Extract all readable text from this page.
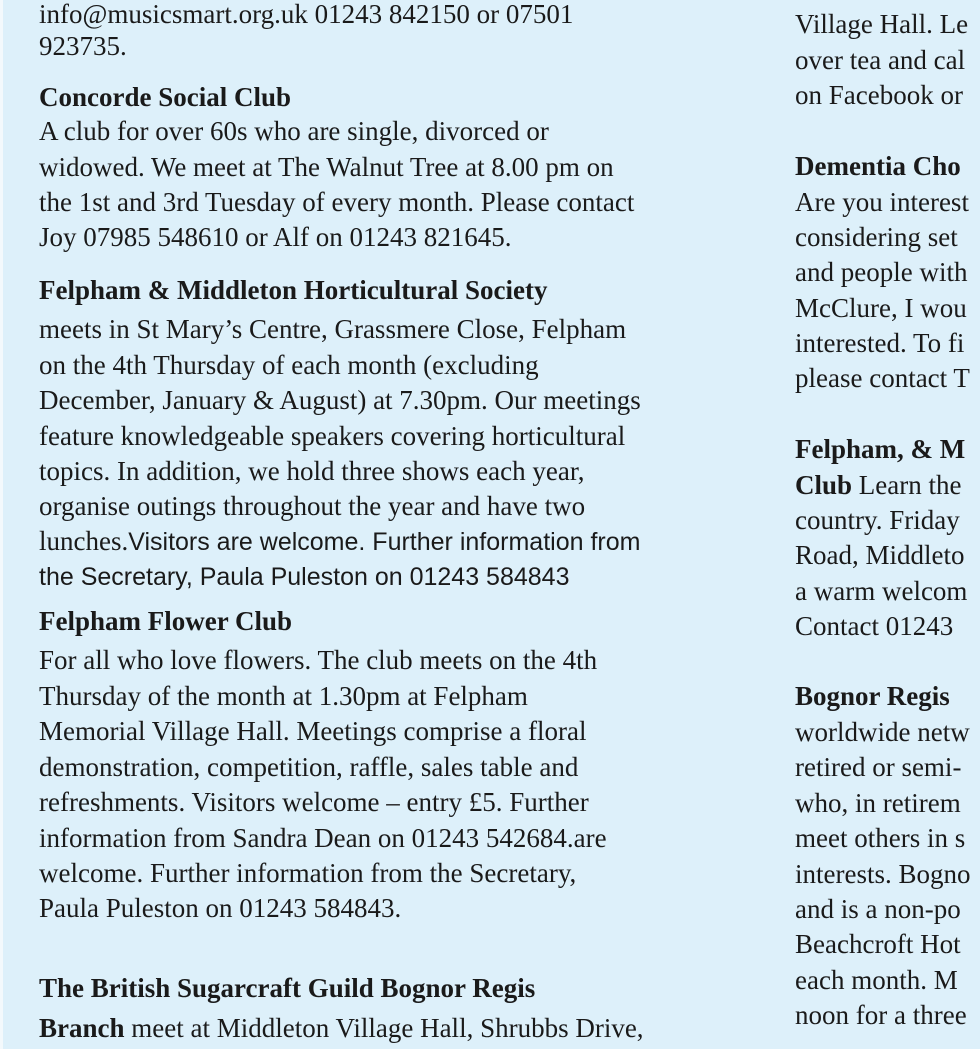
info@musicsmart.org.uk 01243 842150 or 07501
923735.
Concorde Social Club
A club for over 60s who are single, divorced or
widowed. We meet at The Walnut Tree at 8.00 pm on
the 1st and 3rd Tuesday of every month. Please contact
Joy 07985 548610 or Alf on 01243 821645.
Felpham & Middleton Horticultural Society
meets in St Mary’s Centre, Grassmere Close, Felpham
on the 4th Thursday of each month (excluding
December, January & August) at 7.30pm. Our meetings
feature knowledgeable speakers covering horticultural
topics. In addition, we hold three shows each year,
organise outings throughout the year and have two
lunches.Visitors are welcome. Further information from
the Secretary, Paula Puleston on 01243 584843
Felpham Flower Club
For all who love flowers. The club meets on the 4th
Thursday of the month at 1.30pm at Felpham
Memorial Village Hall. Meetings comprise a floral
demonstration, competition, raffle, sales table and
refreshments. Visitors welcome – entry £5. Further
information from Sandra Dean on 01243 542684.are
welcome. Further information from the Secretary,
Paula Puleston on 01243 584843.
The British Sugarcraft Guild Bognor Regis
Branch meet at Middleton Village Hall, Shrubbs Drive,
Village Hall. Le
over tea and cal
on Facebook or
Dementia Cho
Are you interest
considering set
and people with
McClure, I wou
interested. To fi
please contact T
Felpham, & M
Club Learn the
country. Friday
Road, Middleto
a warm welcom
Contact 01243
Bognor Regis
worldwide netw
retired or semi-
who, in retirem
meet others in s
interests. Bogno
and is a non-po
Beachcroft Hot
each month. M
noon for a three
